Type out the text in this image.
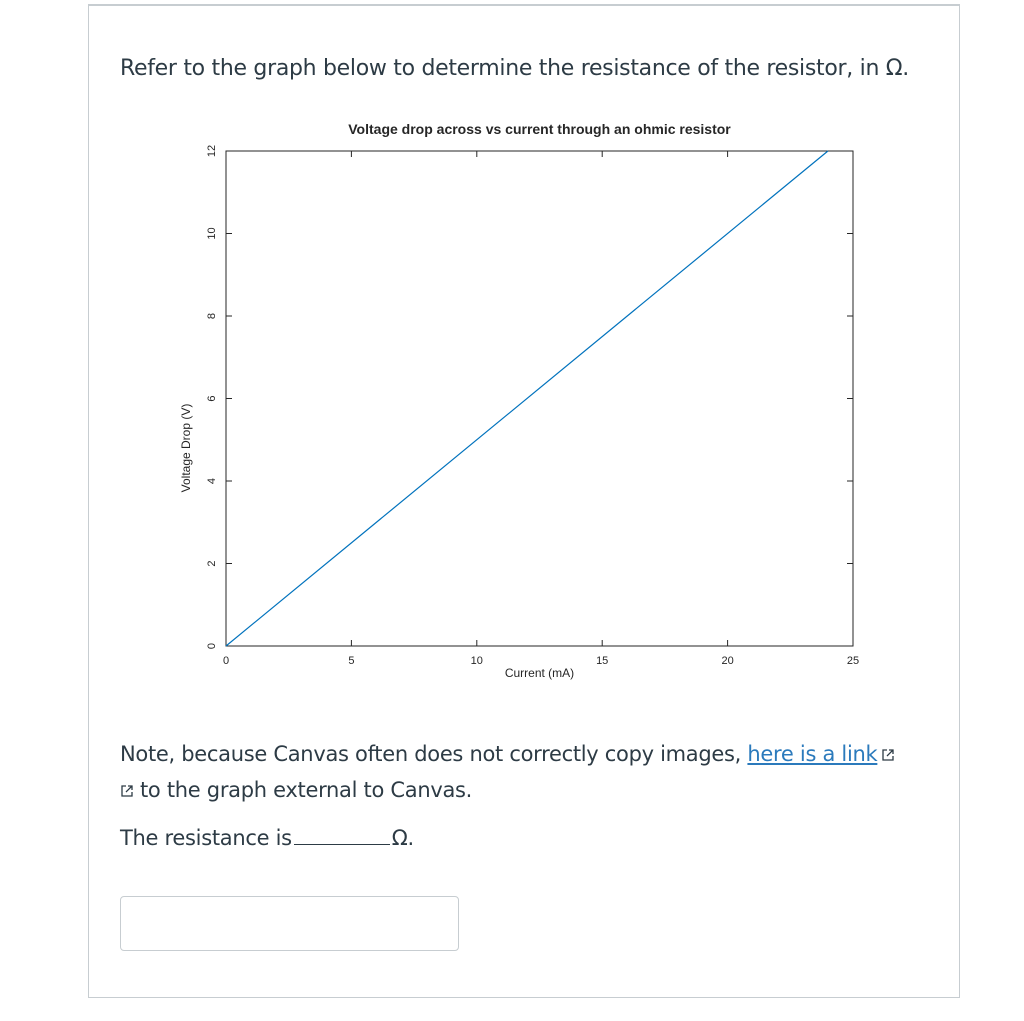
Refer to the graph below to determine the resistance of the resistor, in Ω.
Voltage drop across vs current through an ohmic resistor
0	5	10	15	20	25
0
2
4
6
8
10
12
Current (mA)
Voltage Drop (V)
Note, because Canvas often does not correctly copy images, here is a link
to the graph external to Canvas.
The resistance is	Ω.
